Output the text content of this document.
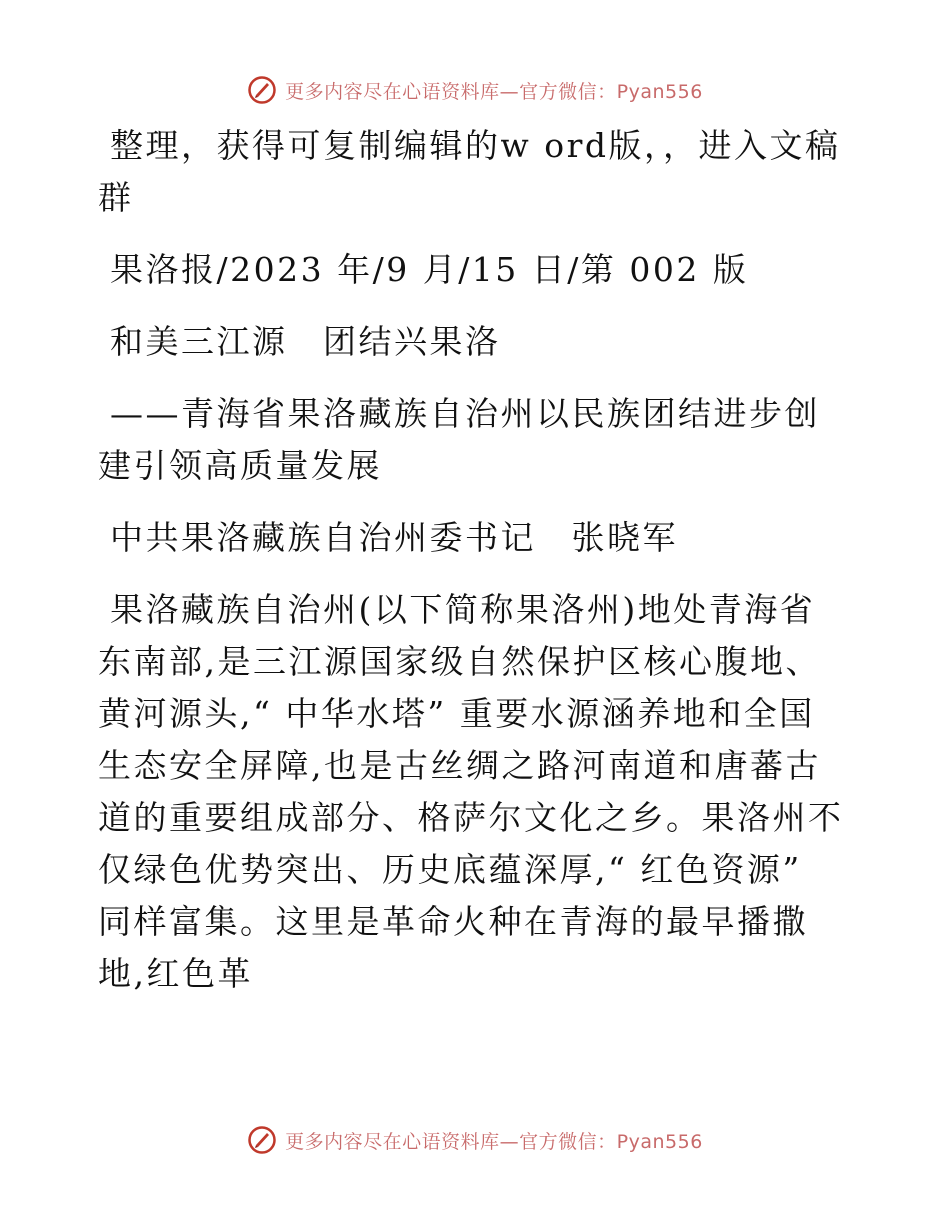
更多内容尽在心语资料库—官方微信：Pyan556

整理，获得可复制编辑的w ord版，，进入文稿群

果洛报/2023 年/9 月/15 日/第 002 版

和美三江源　团结兴果洛

——青海省果洛藏族自治州以民族团结进步创建引领高质量发展

中共果洛藏族自治州委书记　张晓军

果洛藏族自治州(以下简称果洛州)地处青海省东南部,是三江源国家级自然保护区核心腹地、黄河源头,“ 中华水塔” 重要水源涵养地和全国生态安全屏障,也是古丝绸之路河南道和唐蕃古道的重要组成部分、格萨尔文化之乡。果洛州不仅绿色优势突出、历史底蕴深厚,“ 红色资源” 同样富集。这里是革命火种在青海的最早播撒地,红色革

更多内容尽在心语资料库—官方微信：Pyan556
